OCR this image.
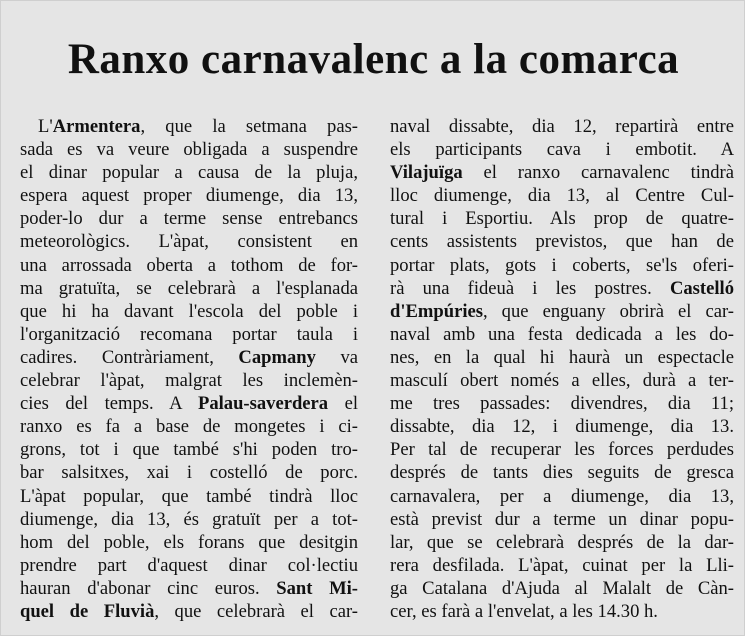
Ranxo carnavalenc a la comarca
L'Armentera, que la setmana pas-
sada es va veure obligada a suspendre
el dinar popular a causa de la pluja,
espera aquest proper diumenge, dia 13,
poder-lo dur a terme sense entrebancs
meteorològics. L'àpat, consistent en
una arrossada oberta a tothom de for-
ma gratuïta, se celebrarà a l'esplanada
que hi ha davant l'escola del poble i
l'organització recomana portar taula i
cadires. Contràriament, Capmany va
celebrar l'àpat, malgrat les inclemèn-
cies del temps. A Palau-saverdera el
ranxo es fa a base de mongetes i ci-
grons, tot i que també s'hi poden tro-
bar salsitxes, xai i costelló de porc.
L'àpat popular, que també tindrà lloc
diumenge, dia 13, és gratuït per a tot-
hom del poble, els forans que desitgin
prendre part d'aquest dinar col·lectiu
hauran d'abonar cinc euros. Sant Mi-
quel de Fluvià, que celebrarà el car-
naval dissabte, dia 12, repartirà entre
els participants cava i embotit. A
Vilajuïga el ranxo carnavalenc tindrà
lloc diumenge, dia 13, al Centre Cul-
tural i Esportiu. Als prop de quatre-
cents assistents previstos, que han de
portar plats, gots i coberts, se'ls oferi-
rà una fideuà i les postres. Castelló
d'Empúries, que enguany obrirà el car-
naval amb una festa dedicada a les do-
nes, en la qual hi haurà un espectacle
masculí obert només a elles, durà a ter-
me tres passades: divendres, dia 11;
dissabte, dia 12, i diumenge, dia 13.
Per tal de recuperar les forces perdudes
després de tants dies seguits de gresca
carnavalera, per a diumenge, dia 13,
està previst dur a terme un dinar popu-
lar, que se celebrarà després de la dar-
rera desfilada. L'àpat, cuinat per la Lli-
ga Catalana d'Ajuda al Malalt de Càn-
cer, es farà a l'envelat, a les 14.30 h.
